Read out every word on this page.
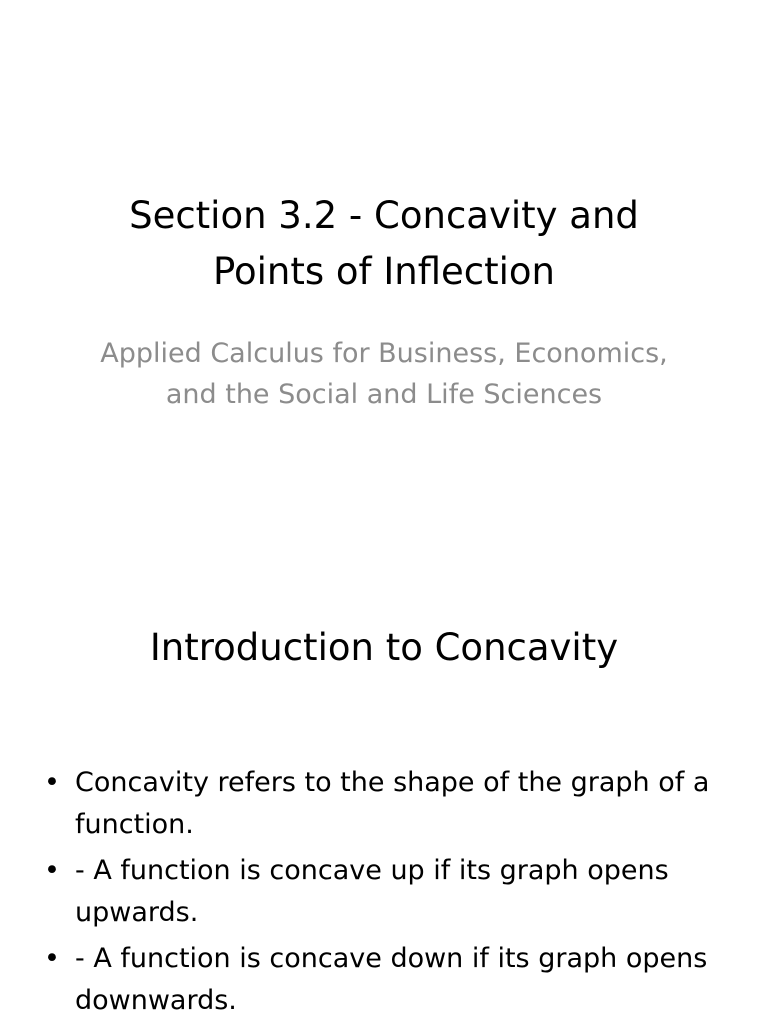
Section 3.2 - Concavity and Points of Inflection

Applied Calculus for Business, Economics, and the Social and Life Sciences

Introduction to Concavity
• Concavity refers to the shape of the graph of a function.
• - A function is concave up if its graph opens upwards.
• - A function is concave down if its graph opens downwards.
